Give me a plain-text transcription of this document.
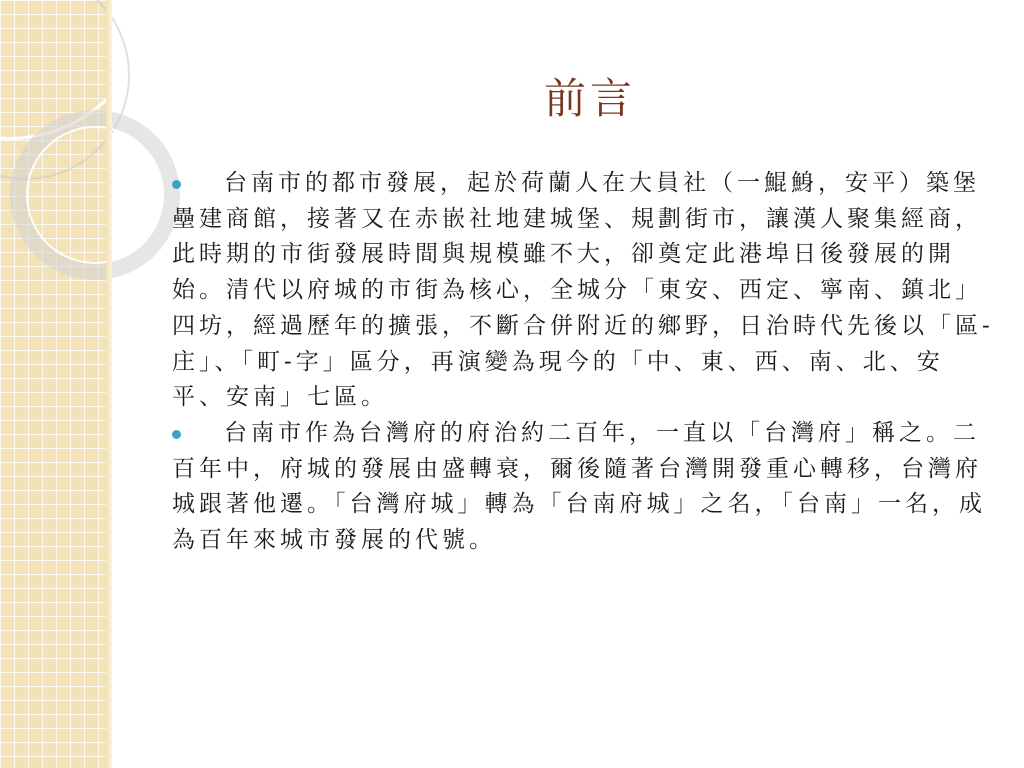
前言

台南市的都市發展，起於荷蘭人在大員社（一鯤鯓，安平）築堡壘建商館，接著又在赤嵌社地建城堡、規劃街市，讓漢人聚集經商，此時期的市街發展時間與規模雖不大，卻奠定此港埠日後發展的開始。清代以府城的市街為核心，全城分「東安、西定、寧南、鎮北」四坊，經過歷年的擴張，不斷合併附近的鄉野，日治時代先後以「區-庄」、「町-字」區分，再演變為現今的「中、東、西、南、北、安平、安南」七區。

台南市作為台灣府的府治約二百年，一直以「台灣府」稱之。二百年中，府城的發展由盛轉衰，爾後隨著台灣開發重心轉移，台灣府城跟著他遷。「台灣府城」轉為「台南府城」之名，「台南」一名，成為百年來城市發展的代號。
